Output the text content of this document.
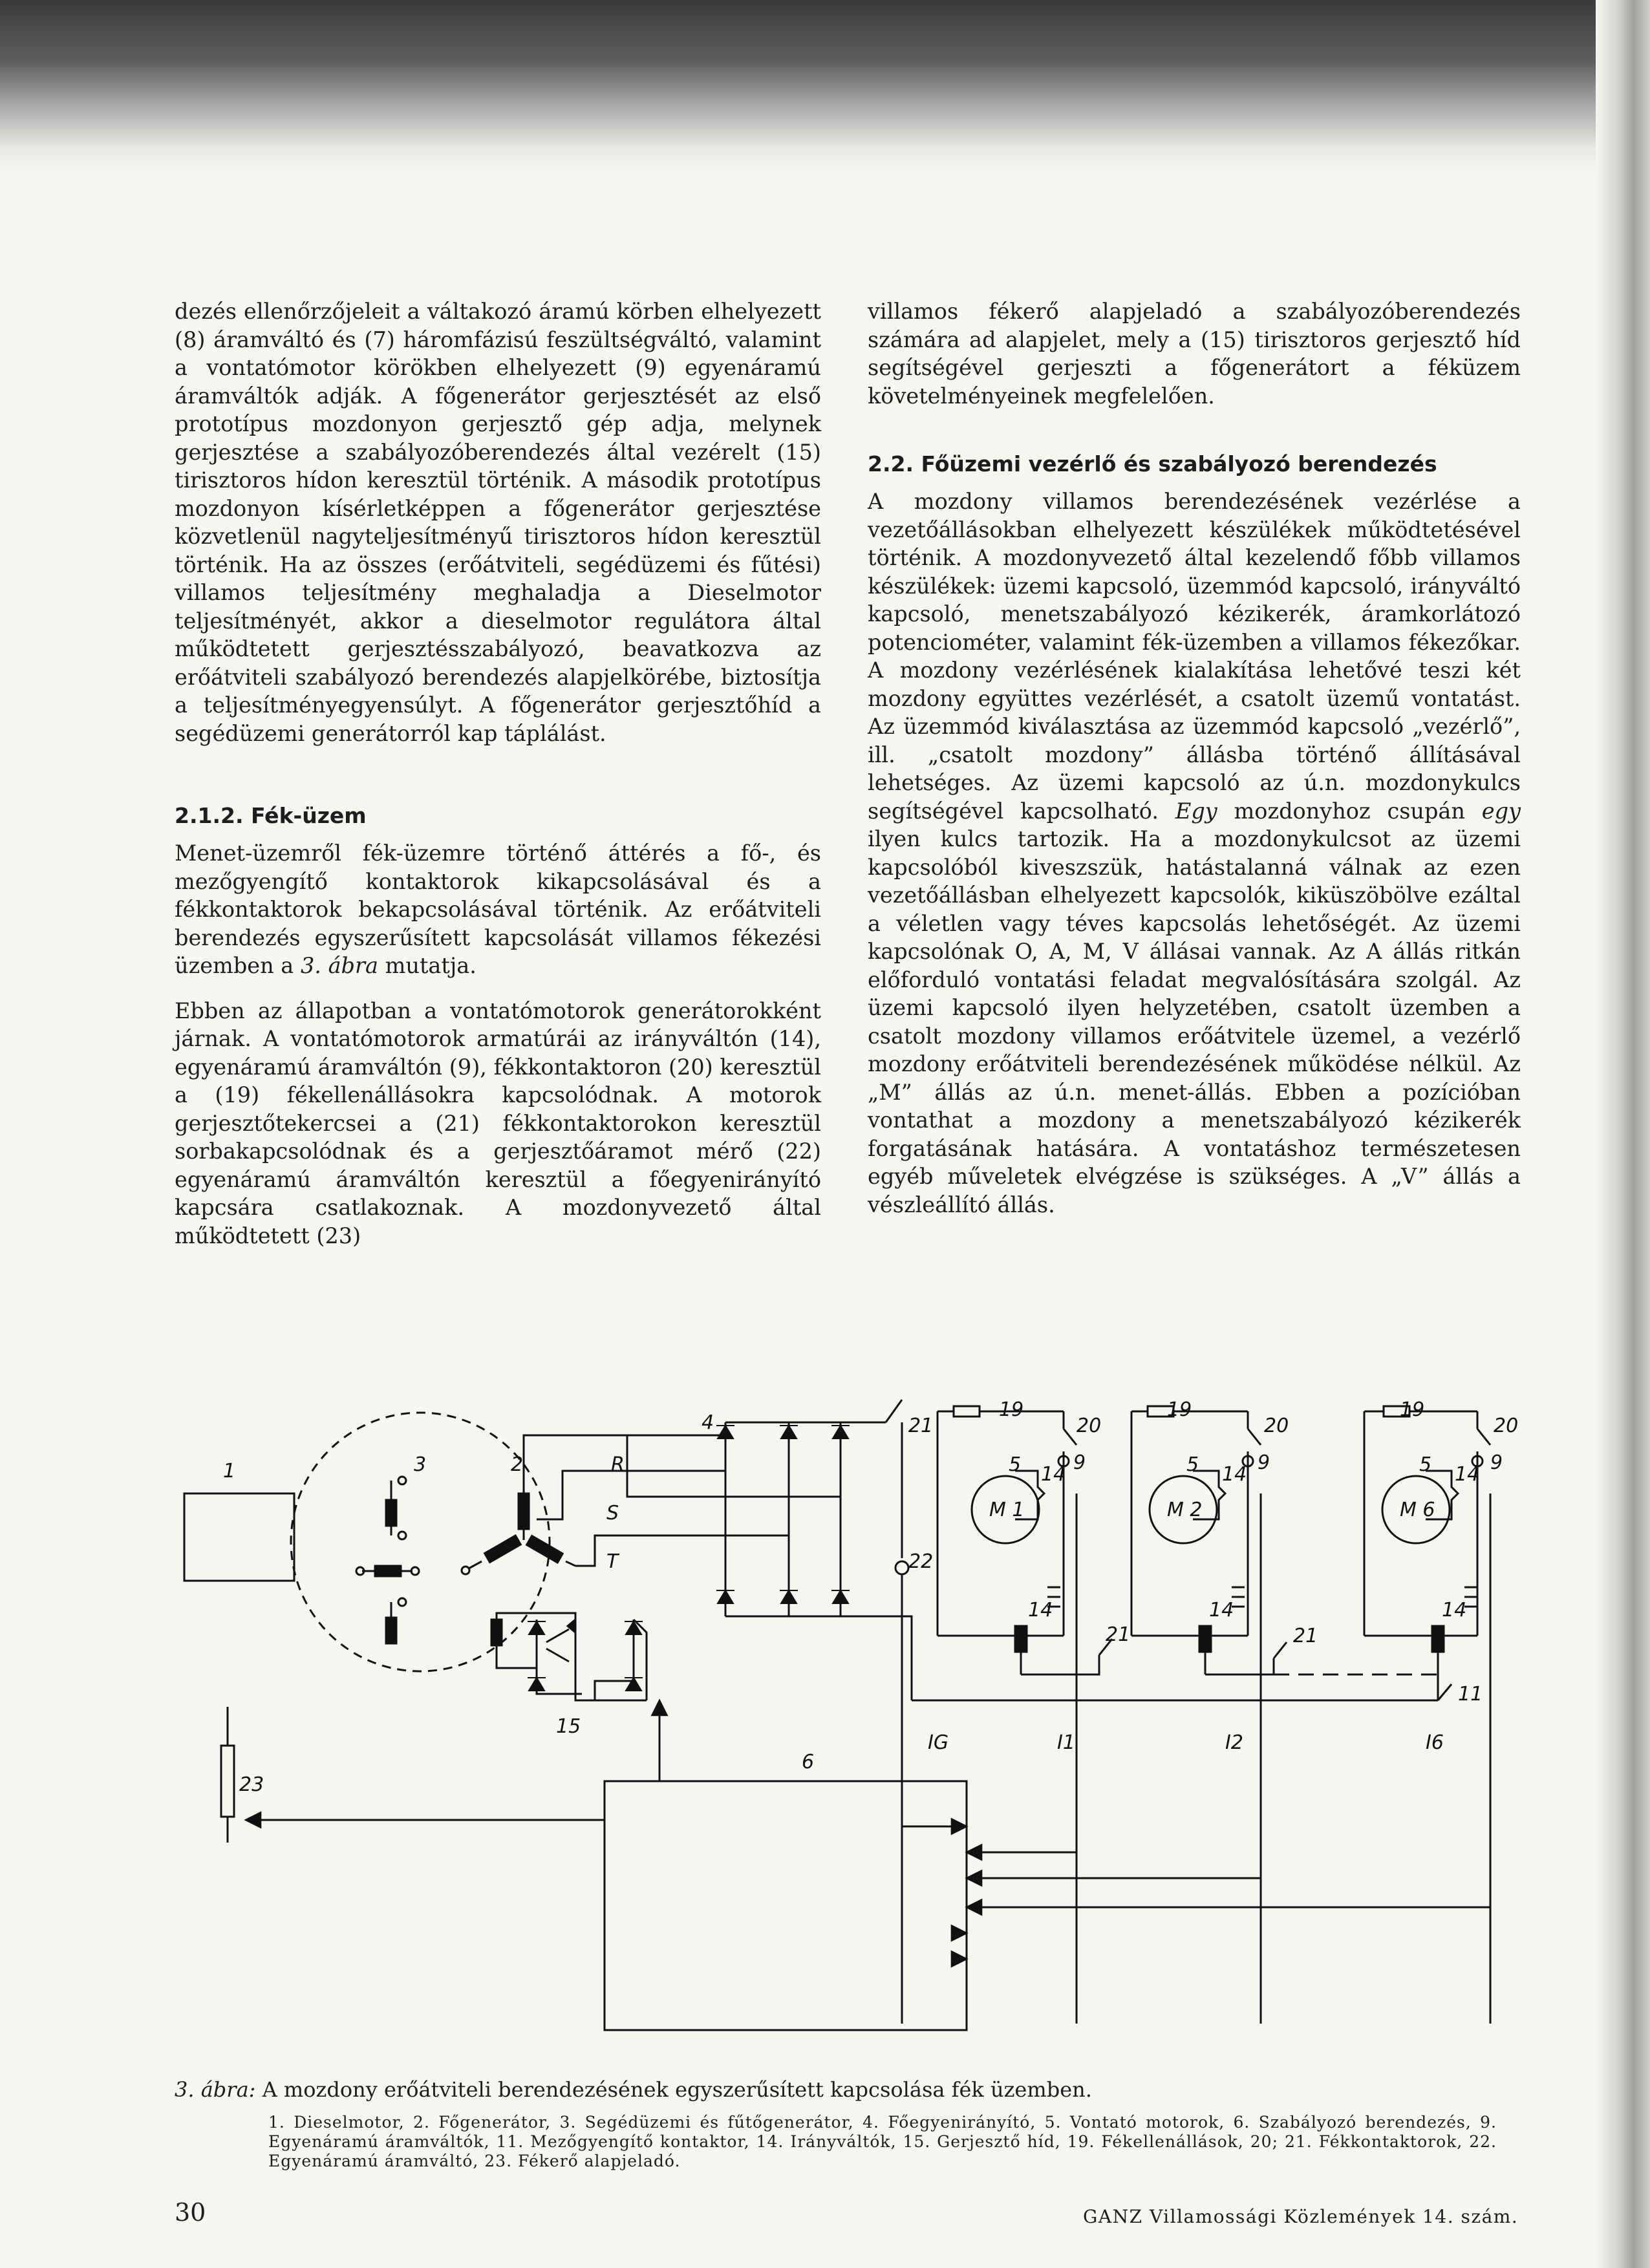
dezés ellenőrzőjeleit a váltakozó áramú körben elhelyezett (8) áramváltó és (7) háromfázisú feszültségváltó, valamint a vontatómotor körökben elhelyezett (9) egyenáramú áramváltók adják. A főgenerátor gerjesztését az első prototípus mozdonyon gerjesztő gép adja, melynek gerjesztése a szabályozóberendezés által vezérelt (15) tirisztoros hídon keresztül történik. A második prototípus mozdonyon kísérletképpen a főgenerátor gerjesztése közvetlenül nagyteljesítményű tirisztoros hídon keresztül történik. Ha az összes (erőátviteli, segédüzemi és fűtési) villamos teljesítmény meghaladja a Dieselmotor teljesítményét, akkor a dieselmotor regulátora által működtetett gerjesztésszabályozó, beavatkozva az erőátviteli szabályozó berendezés alapjelkörébe, biztosítja a teljesítményegyensúlyt. A főgenerátor gerjesztőhíd a segédüzemi generátorról kap táplálást.

2.1.2. Fék-üzem

Menet-üzemről fék-üzemre történő áttérés a fő-, és mezőgyengítő kontaktorok kikapcsolásával és a fékkontaktorok bekapcsolásával történik. Az erőátviteli berendezés egyszerűsített kapcsolását villamos fékezési üzemben a 3. ábra mutatja.

Ebben az állapotban a vontatómotorok generátorokként járnak. A vontatómotorok armatúrái az irányváltón (14), egyenáramú áramváltón (9), fékkontaktoron (20) keresztül a (19) fékellenállásokra kapcsolódnak. A motorok gerjesztőtekercsei a (21) fékkontaktorokon keresztül sorbakapcsolódnak és a gerjesztőáramot mérő (22) egyenáramú áramváltón keresztül a főegyenirányító kapcsára csatlakoznak. A mozdonyvezető által működtetett (23)

villamos fékerő alapjeladó a szabályozóberendezés számára ad alapjelet, mely a (15) tirisztoros gerjesztő híd segítségével gerjeszti a főgenerátort a féküzem követelményeinek megfelelően.

2.2. Főüzemi vezérlő és szabályozó berendezés

A mozdony villamos berendezésének vezérlése a vezetőállásokban elhelyezett készülékek működtetésével történik. A mozdonyvezető által kezelendő főbb villamos készülékek: üzemi kapcsoló, üzemmód kapcsoló, irányváltó kapcsoló, menetszabályozó kézikerék, áramkorlátozó potenciométer, valamint fék-üzemben a villamos fékezőkar. A mozdony vezérlésének kialakítása lehetővé teszi két mozdony együttes vezérlését, a csatolt üzemű vontatást. Az üzemmód kiválasztása az üzemmód kapcsoló „vezérlő”, ill. „csatolt mozdony” állásba történő állításával lehetséges. Az üzemi kapcsoló az ú.n. mozdonykulcs segítségével kapcsolható. Egy mozdonyhoz csupán egy ilyen kulcs tartozik. Ha a mozdonykulcsot az üzemi kapcsolóból kiveszszük, hatástalanná válnak az ezen vezetőállásban elhelyezett kapcsolók, kiküszöbölve ezáltal a véletlen vagy téves kapcsolás lehetőségét. Az üzemi kapcsolónak O, A, M, V állásai vannak. Az A állás ritkán előforduló vontatási feladat megvalósítására szolgál. Az üzemi kapcsoló ilyen helyzetében, csatolt üzemben a csatolt mozdony villamos erőátvitele üzemel, a vezérlő mozdony erőátviteli berendezésének működése nélkül. Az „M” állás az ú.n. menet-állás. Ebben a pozícióban vontathat a mozdony a menetszabályozó kézikerék forgatásának hatására. A vontatáshoz természetesen egyéb műveletek elvégzése is szükséges. A „V” állás a vészleállító állás.

1	3	2	R
S
T
4	21
22
19
20
5 14
9
M 1
14
21
19
20
5 14
9
M 2
14
21
19
20
5 14
9
M 6
14
11
15
6
23
IG	I1	I2	I6
3. ábra: A mozdony erőátviteli berendezésének egyszerűsített kapcsolása fék üzemben.
1. Dieselmotor, 2. Főgenerátor, 3. Segédüzemi és fűtőgenerátor, 4. Főegyenirányító, 5. Vontató motorok, 6. Szabályozó berendezés, 9. Egyenáramú áramváltók, 11. Mezőgyengítő kontaktor, 14. Irányváltók, 15. Gerjesztő híd, 19. Fékellenállások, 20; 21. Fékkontaktorok, 22. Egyenáramú áramváltó, 23. Fékerő alapjeladó.
30	GANZ Villamossági Közlemények 14. szám.
